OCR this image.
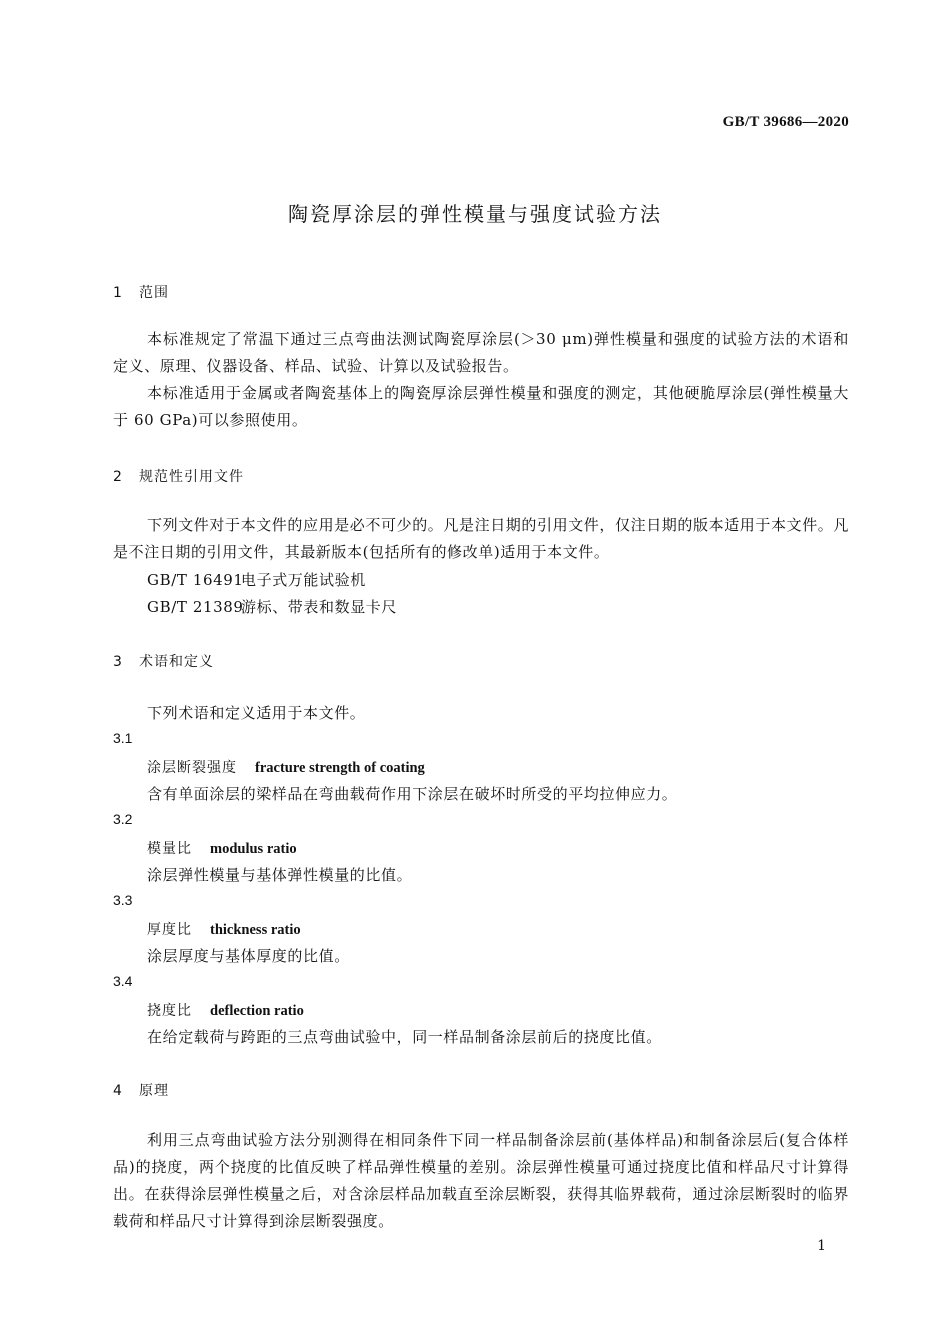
GB/T 39686—2020
陶瓷厚涂层的弹性模量与强度试验方法
1 范围
本标准规定了常温下通过三点弯曲法测试陶瓷厚涂层(＞30 μm)弹性模量和强度的试验方法的术语和定义、原理、仪器设备、样品、试验、计算以及试验报告。
本标准适用于金属或者陶瓷基体上的陶瓷厚涂层弹性模量和强度的测定，其他硬脆厚涂层(弹性模量大于 60 GPa)可以参照使用。
2 规范性引用文件
下列文件对于本文件的应用是必不可少的。凡是注日期的引用文件，仅注日期的版本适用于本文件。凡是不注日期的引用文件，其最新版本(包括所有的修改单)适用于本文件。
GB/T 16491电子式万能试验机
GB/T 21389游标、带表和数显卡尺
3 术语和定义
下列术语和定义适用于本文件。
3.1
涂层断裂强度 fracture strength of coating
含有单面涂层的梁样品在弯曲载荷作用下涂层在破坏时所受的平均拉伸应力。
3.2
模量比 modulus ratio
涂层弹性模量与基体弹性模量的比值。
3.3
厚度比 thickness ratio
涂层厚度与基体厚度的比值。
3.4
挠度比 deflection ratio
在给定载荷与跨距的三点弯曲试验中，同一样品制备涂层前后的挠度比值。
4 原理
利用三点弯曲试验方法分别测得在相同条件下同一样品制备涂层前(基体样品)和制备涂层后(复合体样品)的挠度，两个挠度的比值反映了样品弹性模量的差别。涂层弹性模量可通过挠度比值和样品尺寸计算得出。在获得涂层弹性模量之后，对含涂层样品加载直至涂层断裂，获得其临界载荷，通过涂层断裂时的临界载荷和样品尺寸计算得到涂层断裂强度。
1
